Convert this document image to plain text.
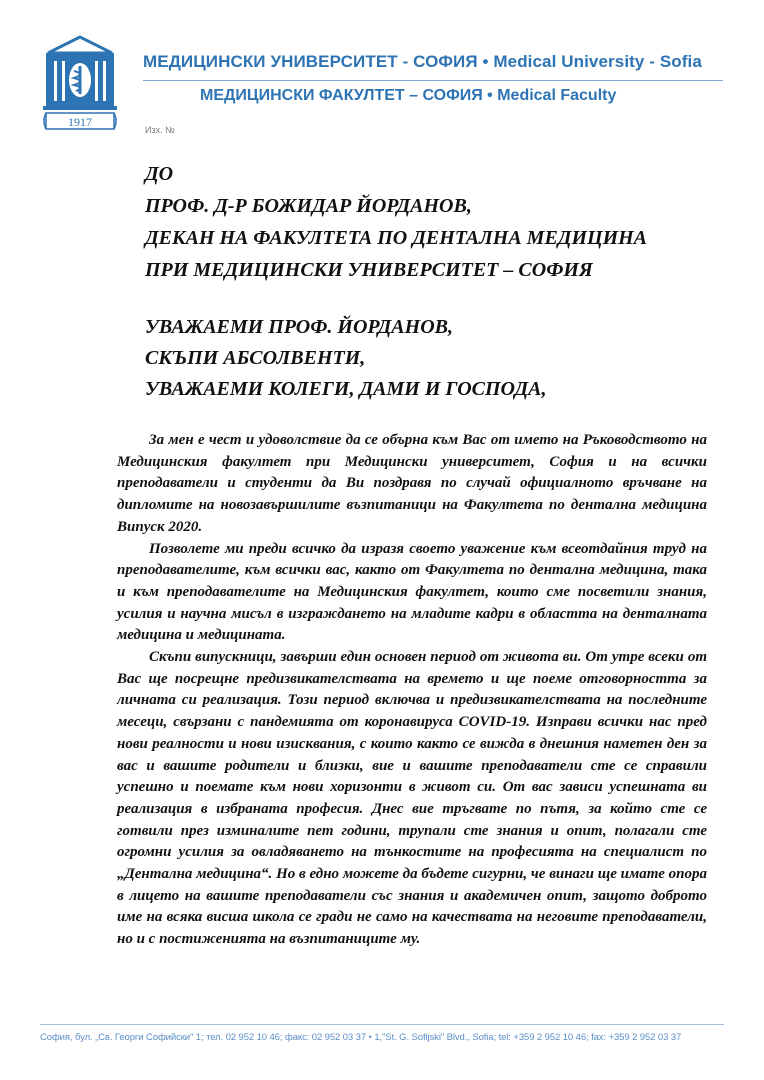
1917
МЕДИЦИНСКИ УНИВЕРСИТЕТ - СОФИЯ • Medical University - Sofia
МЕДИЦИНСКИ ФАКУЛТЕТ – СОФИЯ • Medical Faculty
Изх. №
ДО
ПРОФ. Д-Р БОЖИДАР ЙОРДАНОВ,
ДЕКАН НА ФАКУЛТЕТА ПО ДЕНТАЛНА МЕДИЦИНА
ПРИ МЕДИЦИНСКИ УНИВЕРСИТЕТ – СОФИЯ
УВАЖАЕМИ ПРОФ. ЙОРДАНОВ,
СКЪПИ АБСОЛВЕНТИ,
УВАЖАЕМИ КОЛЕГИ, ДАМИ И ГОСПОДА,

За мен е чест и удоволствие да се обърна към Вас от името на Ръководството на Медицинския факултет при Медицински университет, София и на всички преподаватели и студенти да Ви поздравя по случай официалното връчване на дипломите на новозавършилите възпитаници на Факултета по дентална медицина Випуск 2020.

Позволете ми преди всичко да изразя своето уважение към всеотдайния труд на преподавателите, към всички вас, както от Факултета по дентална медицина, така и към преподавателите на Медицинския факултет, които сме посветили знания, усилия и научна мисъл в изграждането на младите кадри в областта на денталната медицина и медицината.

Скъпи випускници, завърши един основен период от живота ви. От утре всеки от Вас ще посрещне предизвикателствата на времето и ще поеме отговорността за личната си реализация. Този период включва и предизвикателствата на последните месеци, свързани с пандемията от коронавируса COVID-19. Изправи всички нас пред нови реалности и нови изисквания, с които както се вижда в днешния наметен ден за вас и вашите родители и близки, вие и вашите преподаватели сте се справили успешно и поемате към нови хоризонти в живот си. От вас зависи успешната ви реализация в избраната професия. Днес вие тръгвате по пътя, за който сте се готвили през изминалите пет години, трупали сте знания и опит, полагали сте огромни усилия за овладяването на тънкостите на професията на специалист по „Дентална медицина“. Но в едно можете да бъдете сигурни, че винаги ще имате опора в лицето на вашите преподаватели със знания и академичен опит, защото доброто име на всяка висша школа се гради не само на качествата на неговите преподаватели, но и с постиженията на възпитаниците му.

София, бул. „Св. Георги Софийски" 1; тел. 02 952 10 46; факс: 02 952 03 37 • 1,"St. G. Sofijski" Blvd., Sofia; tel: +359 2 952 10 46; fax: +359 2 952 03 37
